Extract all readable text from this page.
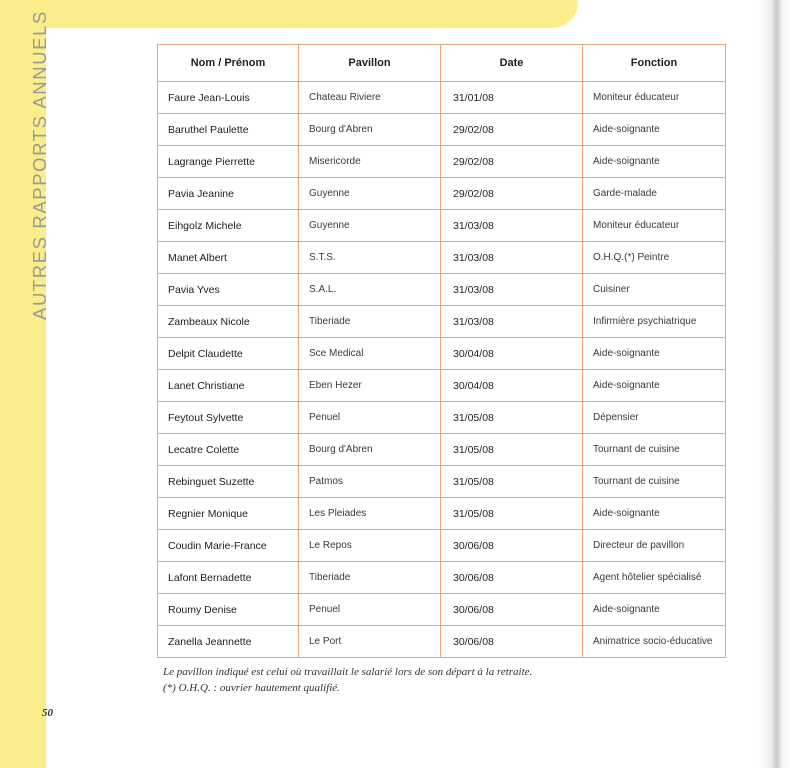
AUTRES RAPPORTS ANNUELS	Nom / Prénom	Pavillon	Date	Fonction
Faure Jean-Louis	Chateau Riviere	31/01/08	Moniteur éducateur
Baruthel Paulette	Bourg d'Abren	29/02/08	Aide-soignante
Lagrange Pierrette	Misericorde	29/02/08	Aide-soignante
Pavia Jeanine	Guyenne	29/02/08	Garde-malade
Eihgolz Michele	Guyenne	31/03/08	Moniteur éducateur
Manet Albert	S.T.S.	31/03/08	O.H.Q.(*) Peintre
Pavia Yves	S.A.L.	31/03/08	Cuisiner
Zambeaux Nicole	Tiberiade	31/03/08	Infirmière psychiatrique
Delpit Claudette	Sce Medical	30/04/08	Aide-soignante
Lanet Christiane	Eben Hezer	30/04/08	Aide-soignante
Feytout Sylvette	Penuel	31/05/08	Dépensier
Lecatre Colette	Bourg d'Abren	31/05/08	Tournant de cuisine
Rebinguet Suzette	Patmos	31/05/08	Tournant de cuisine
Regnier Monique	Les Pleiades	31/05/08	Aide-soignante
Coudin Marie-France	Le Repos	30/06/08	Directeur de pavillon
Lafont Bernadette	Tiberiade	30/06/08	Agent hôtelier spécialisé
Roumy Denise	Penuel	30/06/08	Aide-soignante
Zanella Jeannette	Le Port	30/06/08	Animatrice socio-éducative
Le pavillon indiqué est celui où travaillait le salarié lors de son départ à la retraite.
(*) O.H.Q. : ouvrier hautement qualifié.
50
